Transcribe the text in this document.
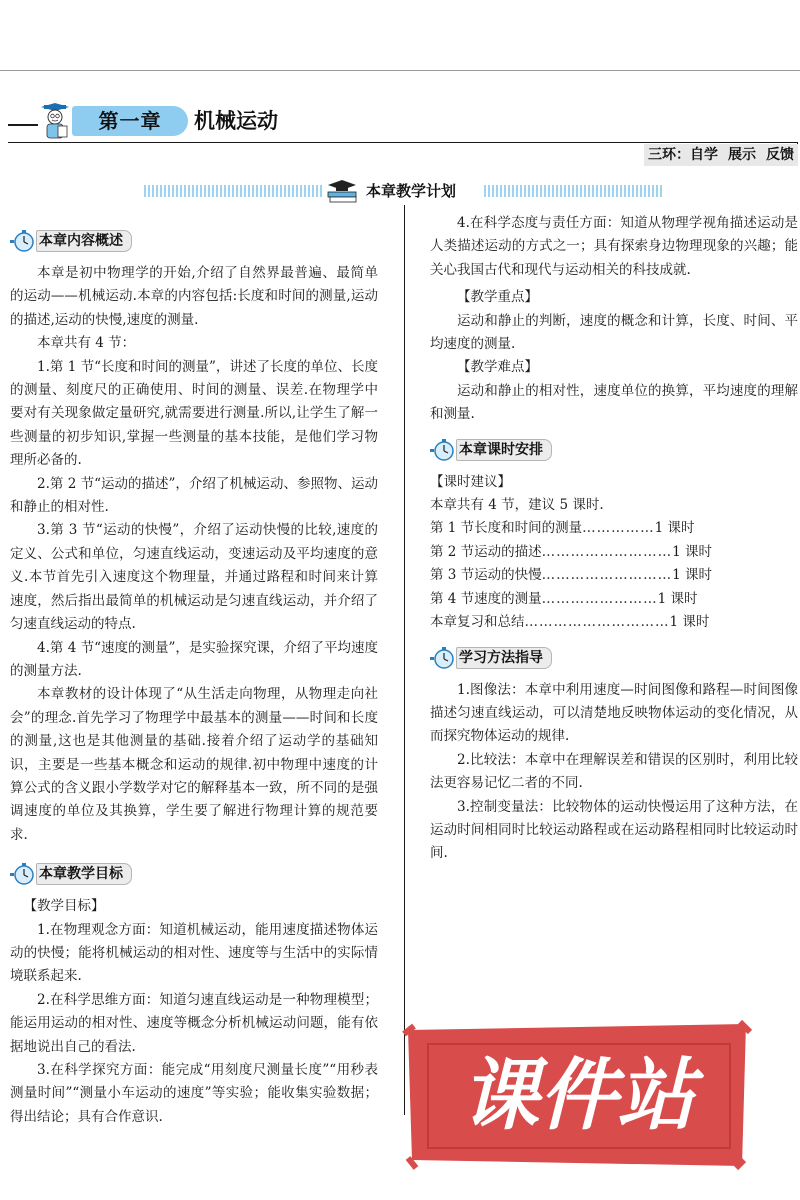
第一章	机械运动
三环：自学 展示 反馈
本章教学计划
本章内容概述

本章是初中物理学的开始,介绍了自然界最普遍、最简单的运动——机械运动.本章的内容包括:长度和时间的测量,运动的描述,运动的快慢,速度的测量.

本章共有 4 节：

1.第 1 节“长度和时间的测量”，讲述了长度的单位、长度的测量、刻度尺的正确使用、时间的测量、误差.在物理学中要对有关现象做定量研究,就需要进行测量.所以,让学生了解一些测量的初步知识,掌握一些测量的基本技能，是他们学习物理所必备的.

2.第 2 节“运动的描述”，介绍了机械运动、参照物、运动和静止的相对性.

3.第 3 节“运动的快慢”，介绍了运动快慢的比较,速度的定义、公式和单位，匀速直线运动，变速运动及平均速度的意义.本节首先引入速度这个物理量，并通过路程和时间来计算速度，然后指出最简单的机械运动是匀速直线运动，并介绍了匀速直线运动的特点.

4.第 4 节“速度的测量”，是实验探究课，介绍了平均速度的测量方法.

本章教材的设计体现了“从生活走向物理，从物理走向社会”的理念.首先学习了物理学中最基本的测量——时间和长度的测量,这也是其他测量的基础.接着介绍了运动学的基础知识，主要是一些基本概念和运动的规律.初中物理中速度的计算公式的含义跟小学数学对它的解释基本一致，所不同的是强调速度的单位及其换算，学生要了解进行物理计算的规范要求.

本章教学目标

【教学目标】

1.在物理观念方面：知道机械运动，能用速度描述物体运动的快慢；能将机械运动的相对性、速度等与生活中的实际情境联系起来.

2.在科学思维方面：知道匀速直线运动是一种物理模型；能运用运动的相对性、速度等概念分析机械运动问题，能有依据地说出自己的看法.

3.在科学探究方面：能完成“用刻度尺测量长度”“用秒表测量时间”“测量小车运动的速度”等实验；能收集实验数据；得出结论；具有合作意识.

4.在科学态度与责任方面：知道从物理学视角描述运动是人类描述运动的方式之一；具有探索身边物理现象的兴趣；能关心我国古代和现代与运动相关的科技成就.

【教学重点】

运动和静止的判断，速度的概念和计算，长度、时间、平均速度的测量.

【教学难点】

运动和静止的相对性，速度单位的换算，平均速度的理解和测量.

本章课时安排

【课时建议】

本章共有 4 节，建议 5 课时.

第 1 节长度和时间的测量 …………… 1 课时
第 2 节运动的描述 ……………………… 1 课时
第 3 节运动的快慢 ……………………… 1 课时
第 4 节速度的测量 …………………… 1 课时
本章复习和总结 ………………………… 1 课时
学习方法指导

1.图像法：本章中利用速度—时间图像和路程—时间图像描述匀速直线运动，可以清楚地反映物体运动的变化情况，从而探究物体运动的规律.

2.比较法：本章中在理解误差和错误的区别时，利用比较法更容易记忆二者的不同.

3.控制变量法：比较物体的运动快慢运用了这种方法，在运动时间相同时比较运动路程或在运动路程相同时比较运动时间.

课件站
